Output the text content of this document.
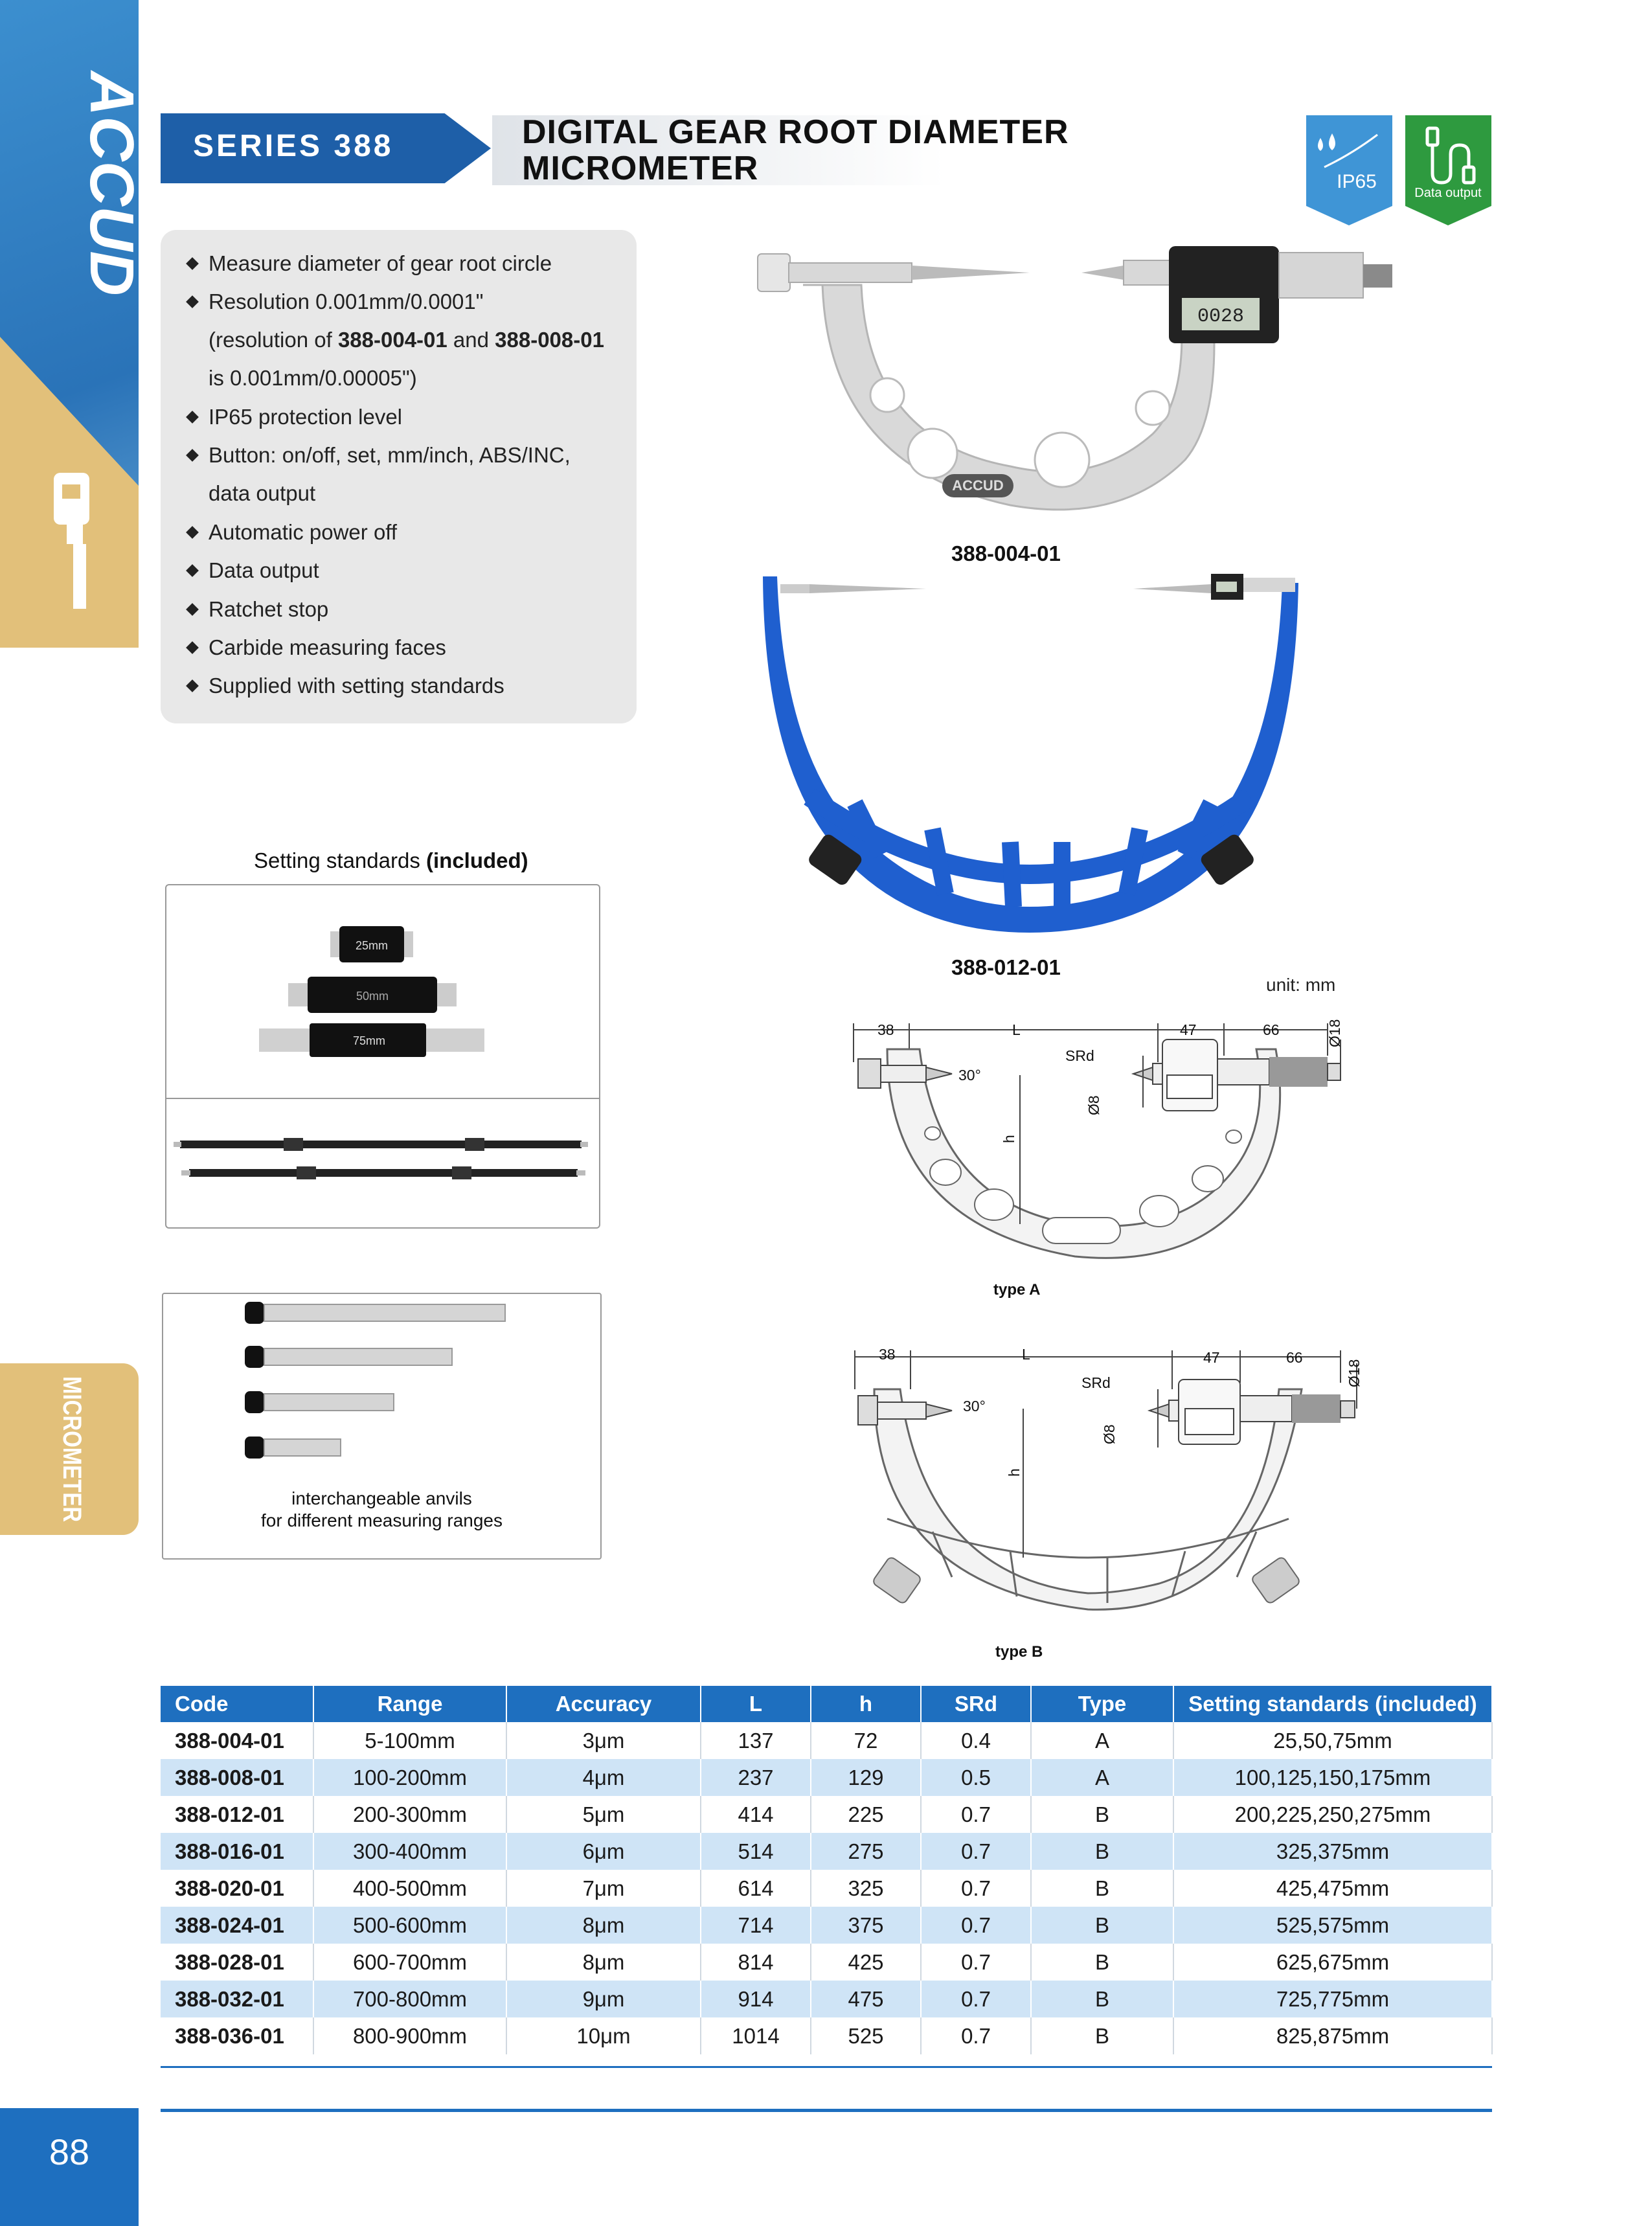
ACCUD
MICROMETER
88
SERIES 388	DIGITAL GEAR ROOT DIAMETER
MICROMETER	IP65
Data output
Measure diameter of gear root circle
Resolution 0.001mm/0.0001"
(resolution of 388-004-01 and 388-008-01
is 0.001mm/0.00005")
IP65 protection level
Button: on/off, set, mm/inch, ABS/INC,
data output
Automatic power off
Data output
Ratchet stop
Carbide measuring faces
Supplied with setting standards
ACCUD
0028
388-004-01
388-012-01
Setting standards (included)
25mm
50mm
75mm
interchangeable anvils
for different measuring ranges
unit: mm
38	L	47	66	Ø18
SRd
Ø8
30°
h
type A
38	L	47	66
Ø18
SRd
Ø8
30°
h
type B
Code	Range	Accuracy	L	h	SRd	Type	Setting standards (included)
388-004-01	5-100mm	3μm	137	72	0.4	A	25,50,75mm
388-008-01	100-200mm	4μm	237	129	0.5	A	100,125,150,175mm
388-012-01	200-300mm	5μm	414	225	0.7	B	200,225,250,275mm
388-016-01	300-400mm	6μm	514	275	0.7	B	325,375mm
388-020-01	400-500mm	7μm	614	325	0.7	B	425,475mm
388-024-01	500-600mm	8μm	714	375	0.7	B	525,575mm
388-028-01	600-700mm	8μm	814	425	0.7	B	625,675mm
388-032-01	700-800mm	9μm	914	475	0.7	B	725,775mm
388-036-01	800-900mm	10μm	1014	525	0.7	B	825,875mm
